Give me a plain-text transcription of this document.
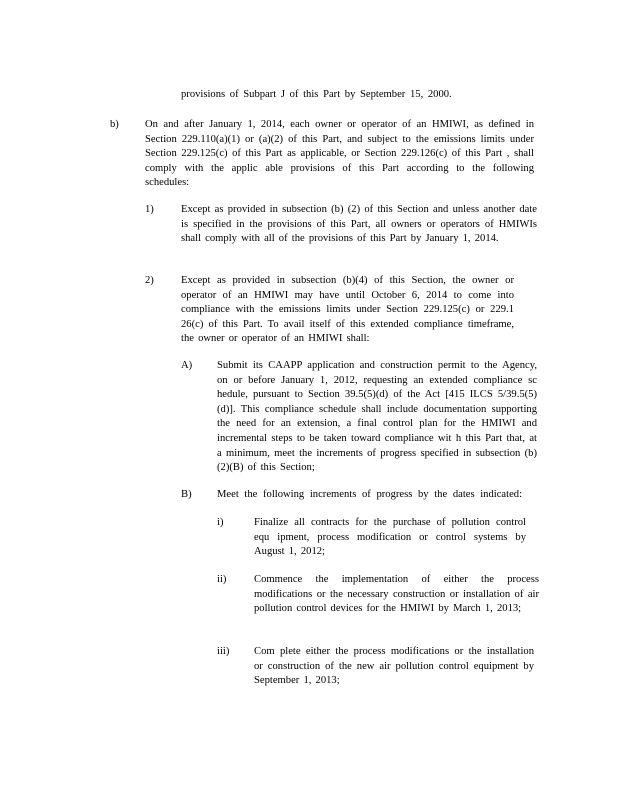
provisions of Subpart J of this Part by September 15, 2000.

b) On and after January 1, 2014, each owner or operator of an HMIWI, as defined in Section 229.110(a)(1) or (a)(2) of this Part, and subject to the emissions limits under Section 229.125(c) of this Part as applicable, or Section 229.126(c) of this Part , shall comply with the applic able provisions of this Part according to the following schedules:

1)	Except as provided in subsection (b) (2) of this Section and unless another date is specified in the provisions of this Part, all owners or operators of HMIWIs shall comply with all of the provisions of this Part by January 1, 2014.

2)	Except as provided in subsection (b)(4) of this Section, the owner or operator of an HMIWI may have until October 6, 2014 to come into compliance with the emissions limits under Section 229.125(c) or 229.1 26(c) of this Part. To avail itself of this extended compliance timeframe, the owner or operator of an HMIWI shall:

A) Submit its CAAPP application and construction permit to the Agency, on or before January 1, 2012, requesting an extended compliance sc hedule, pursuant to Section 39.5(5)(d) of the Act [415 ILCS 5/39.5(5)(d)]. This compliance schedule shall include documentation supporting the need for an extension, a final control plan for the HMIWI and incremental steps to be taken toward compliance wit h this Part that, at a minimum, meet the increments of progress specified in subsection (b)(2)(B) of this Section;

B) Meet the following increments of progress by the dates indicated:

i)	Finalize all contracts for the purchase of pollution control equ ipment, process modification or control systems by August 1, 2012;

ii)	Commence the implementation of either the process modifications or the necessary construction or installation of air pollution control devices for the HMIWI by March 1, 2013;

iii) Com plete either the process modifications or the installation or construction of the new air pollution control equipment by September 1, 2013;
